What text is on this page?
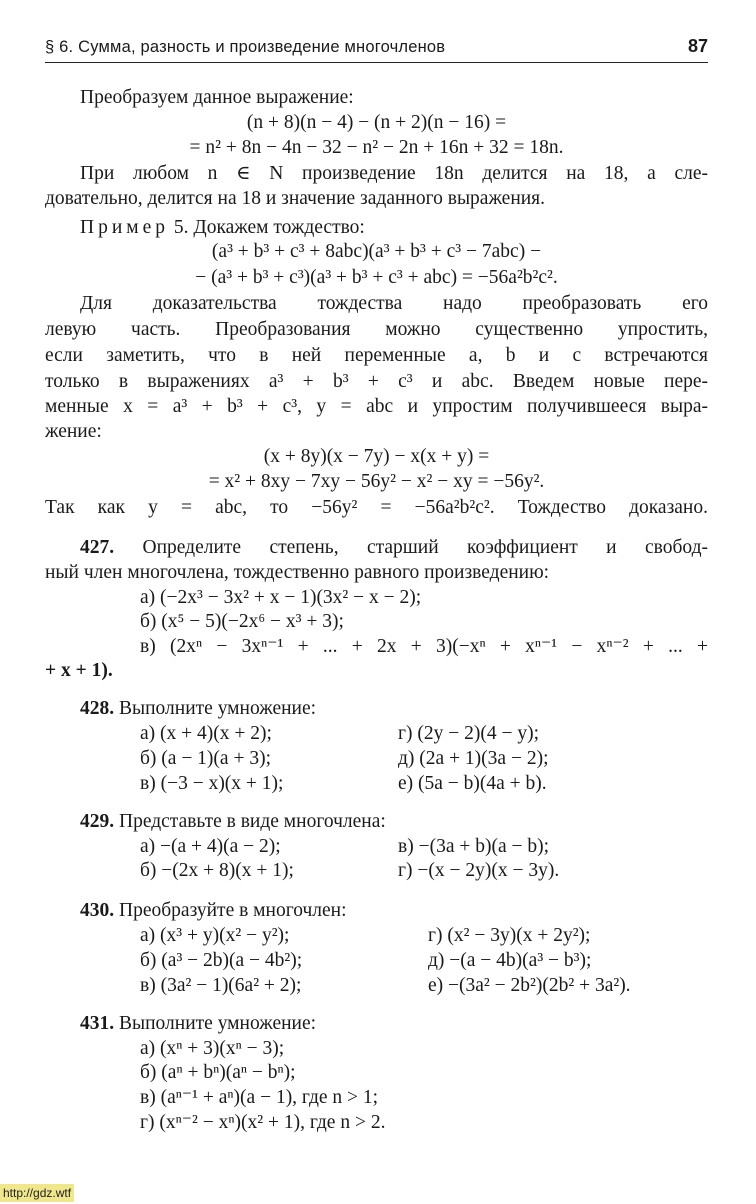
§ 6. Сумма, разность и произведение многочленов	87
Преобразуем данное выражение:
(n + 8)(n − 4) − (n + 2)(n − 16) =
= n² + 8n − 4n − 32 − n² − 2n + 16n + 32 = 18n.
При любом n ∈ N произведение 18n делится на 18, а сле-
довательно, делится на 18 и значение заданного выражения.
Пример 5. Докажем тождество:
(a³ + b³ + c³ + 8abc)(a³ + b³ + c³ − 7abc) −
− (a³ + b³ + c³)(a³ + b³ + c³ + abc) = −56a²b²c².
Для доказательства тождества надо преобразовать его
левую часть. Преобразования можно существенно упростить,
если заметить, что в ней переменные a, b и c встречаются
только в выражениях a³ + b³ + c³ и abc. Введем новые пере-
менные x = a³ + b³ + c³, y = abc и упростим получившееся выра-
жение:
(x + 8y)(x − 7y) − x(x + y) =
= x² + 8xy − 7xy − 56y² − x² − xy = −56y².
Так как y = abc, то −56y² = −56a²b²c². Тождество доказано.
427. Определите степень, старший коэффициент и свобод-
ный член многочлена, тождественно равного произведению:
а) (−2x³ − 3x² + x − 1)(3x² − x − 2);
б) (x⁵ − 5)(−2x⁶ − x³ + 3);
в) (2xⁿ − 3xⁿ⁻¹ + ... + 2x + 3)(−xⁿ + xⁿ⁻¹ − xⁿ⁻² + ... +
+ x + 1).
428. Выполните умножение:
а) (x + 4)(x + 2);	г) (2y − 2)(4 − y);
б) (a − 1)(a + 3);	д) (2a + 1)(3a − 2);
в) (−3 − x)(x + 1);	е) (5a − b)(4a + b).
429. Представьте в виде многочлена:
а) −(a + 4)(a − 2);	в) −(3a + b)(a − b);
б) −(2x + 8)(x + 1);	г) −(x − 2y)(x − 3y).
430. Преобразуйте в многочлен:
а) (x³ + y)(x² − y²);	г) (x² − 3y)(x + 2y²);
б) (a³ − 2b)(a − 4b²);	д) −(a − 4b)(a³ − b³);
в) (3a² − 1)(6a² + 2);	е) −(3a² − 2b²)(2b² + 3a²).
431. Выполните умножение:
а) (xⁿ + 3)(xⁿ − 3);
б) (aⁿ + bⁿ)(aⁿ − bⁿ);
в) (aⁿ⁻¹ + aⁿ)(a − 1), где n > 1;
г) (xⁿ⁻² − xⁿ)(x² + 1), где n > 2.
http://gdz.wtf
